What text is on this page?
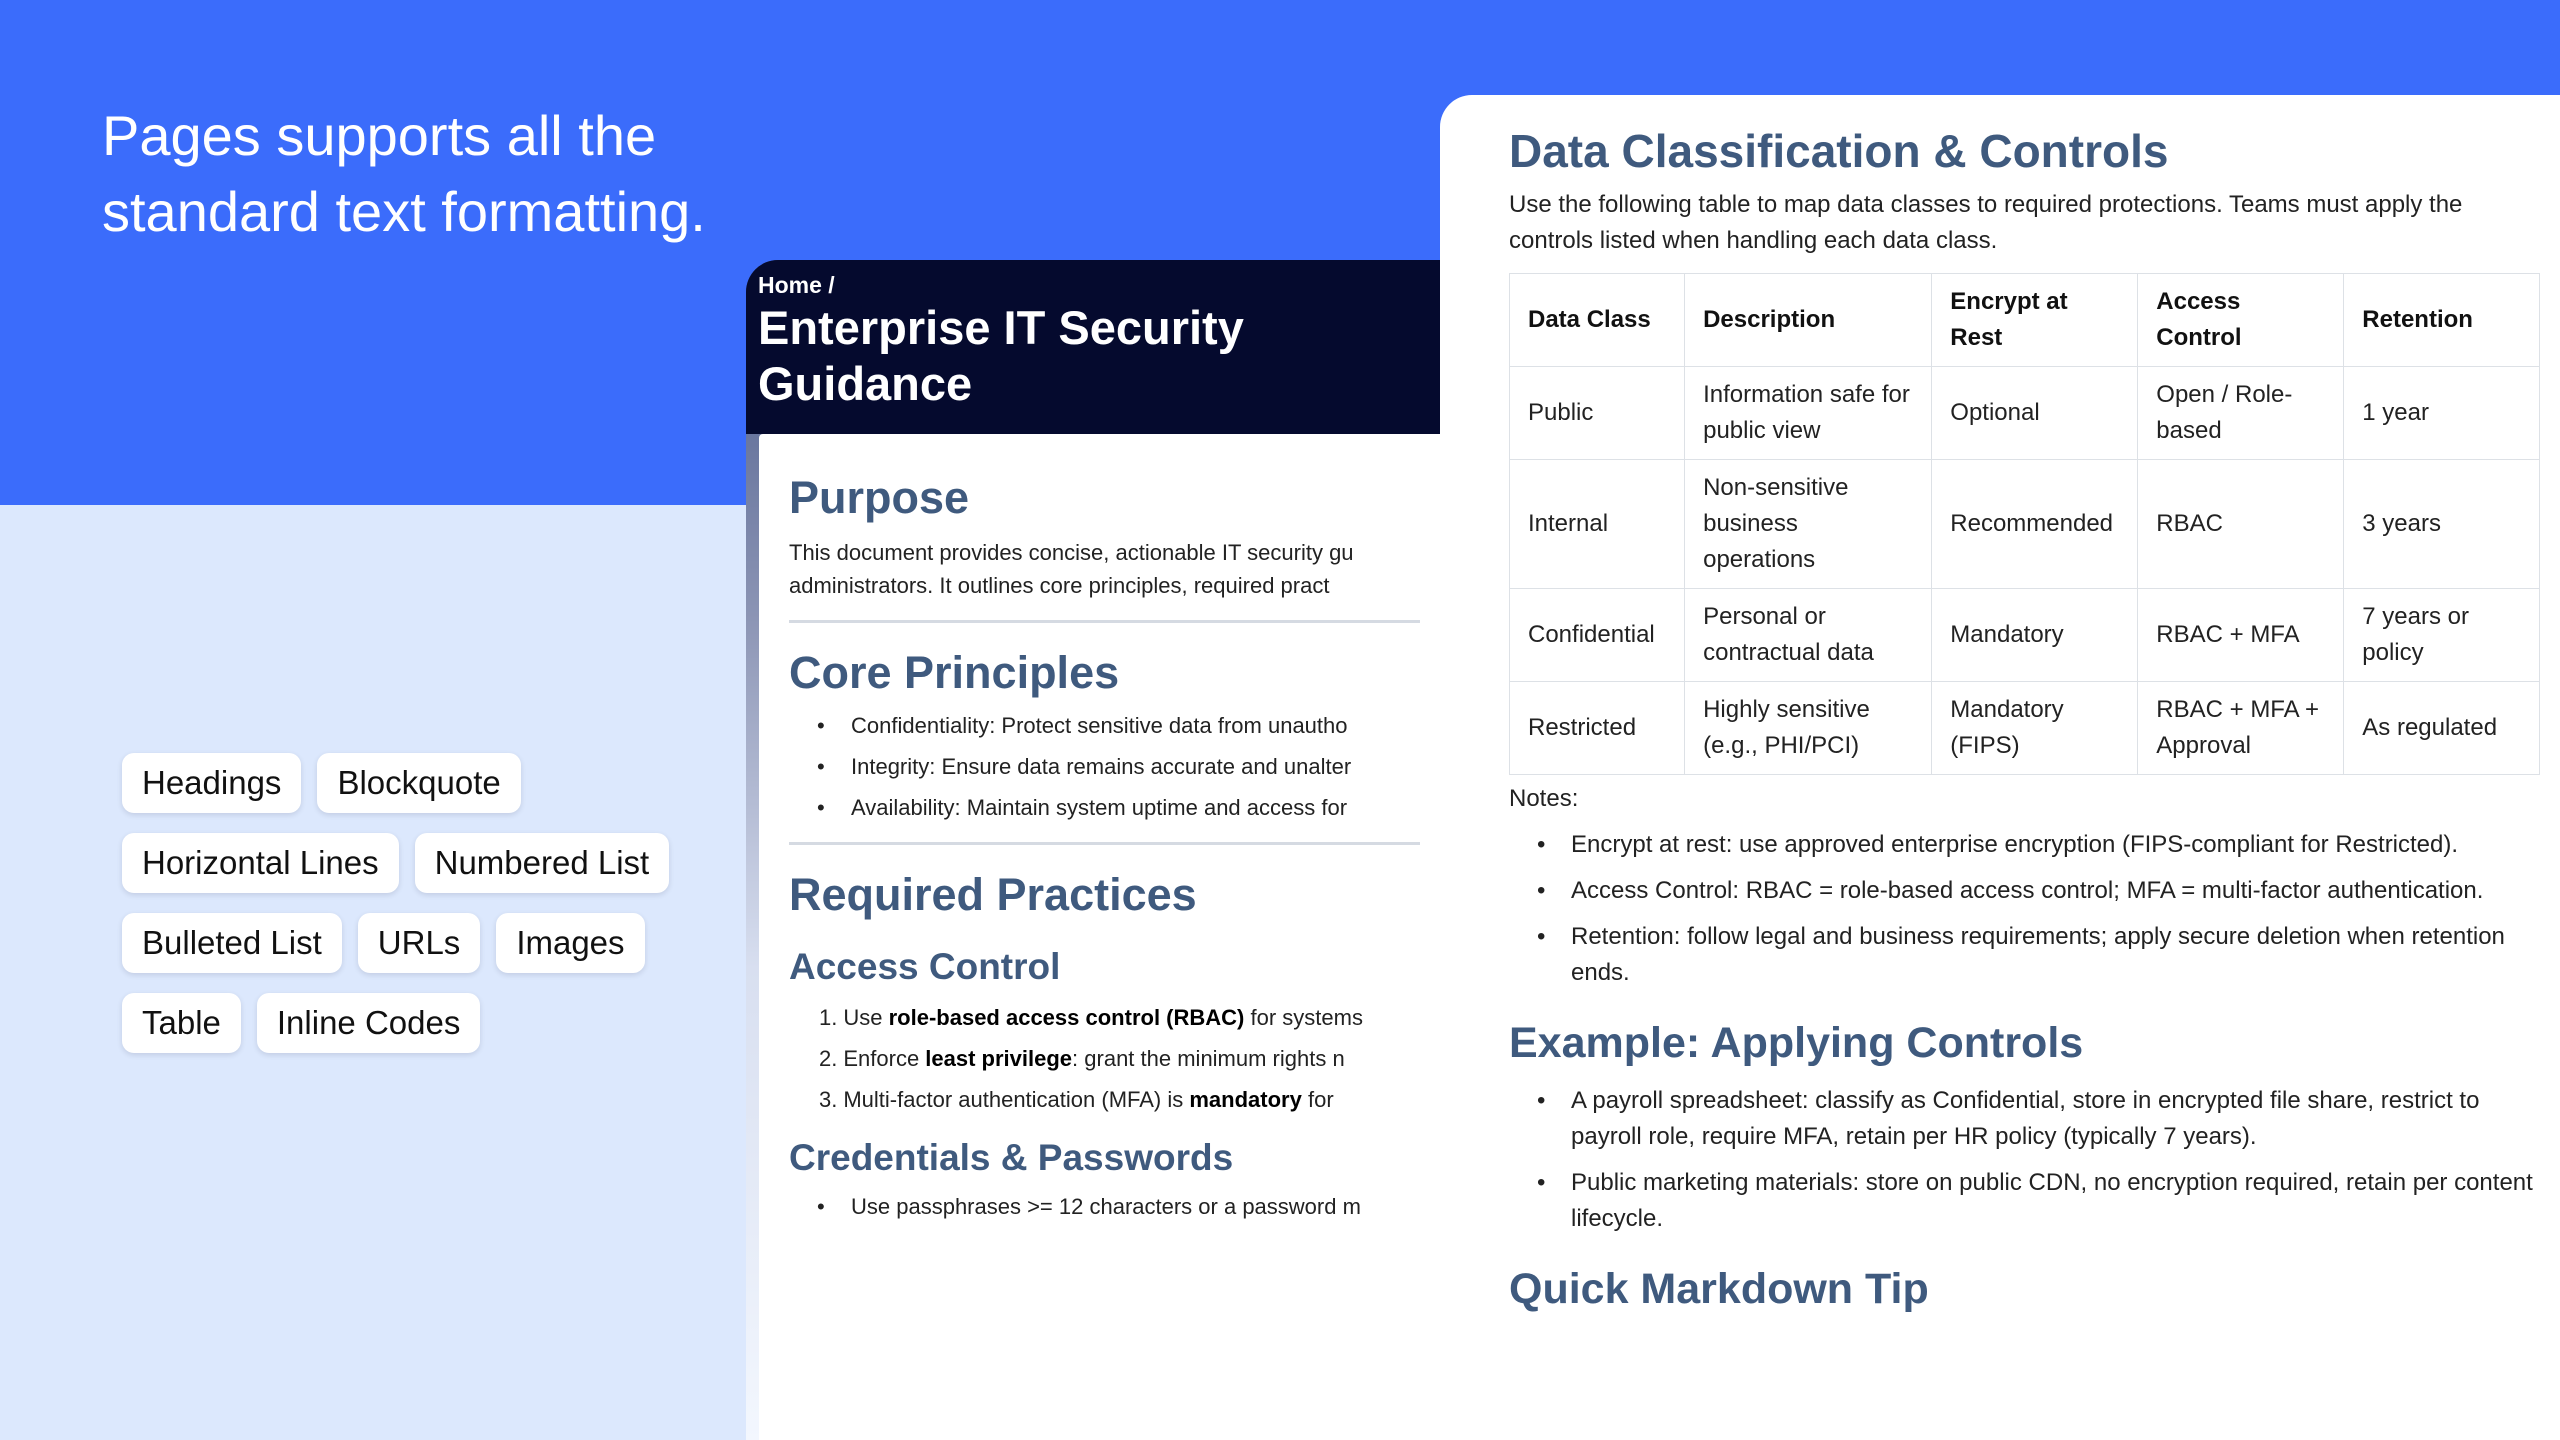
Pages supports all the standard text formatting.
Headings	Blockquote
Horizontal Lines	Numbered List
Bulleted List	URLs	Images
Table	Inline Codes
Home /
Enterprise IT Security Guidance
Purpose
This document provides concise, actionable IT security gu administrators. It outlines core principles, required pract
Core Principles
• Confidentiality: Protect sensitive data from unautho
• Integrity: Ensure data remains accurate and unalter
• Availability: Maintain system uptime and access for
Required Practices
Access Control
1. Use role-based access control (RBAC) for systems
2. Enforce least privilege: grant the minimum rights n
3. Multi-factor authentication (MFA) is mandatory for
Credentials & Passwords
• Use passphrases >= 12 characters or a password m
Data Classification & Controls
Use the following table to map data classes to required protections. Teams must apply the controls listed when handling each data class.
Data Class	Description	Encrypt at Rest	Access Control	Retention
Public	Information safe for public view	Optional	Open / Role-based	1 year
Internal	Non-sensitive business operations	Recommended	RBAC	3 years
Confidential	Personal or contractual data	Mandatory	RBAC + MFA	7 years or policy
Restricted	Highly sensitive (e.g., PHI/PCI)	Mandatory (FIPS)	RBAC + MFA + Approval	As regulated
Notes:
• Encrypt at rest: use approved enterprise encryption (FIPS-compliant for Restricted).
• Access Control: RBAC = role-based access control; MFA = multi-factor authentication.
• Retention: follow legal and business requirements; apply secure deletion when retention ends.
Example: Applying Controls
• A payroll spreadsheet: classify as Confidential, store in encrypted file share, restrict to payroll role, require MFA, retain per HR policy (typically 7 years).
• Public marketing materials: store on public CDN, no encryption required, retain per content lifecycle.
Quick Markdown Tip
